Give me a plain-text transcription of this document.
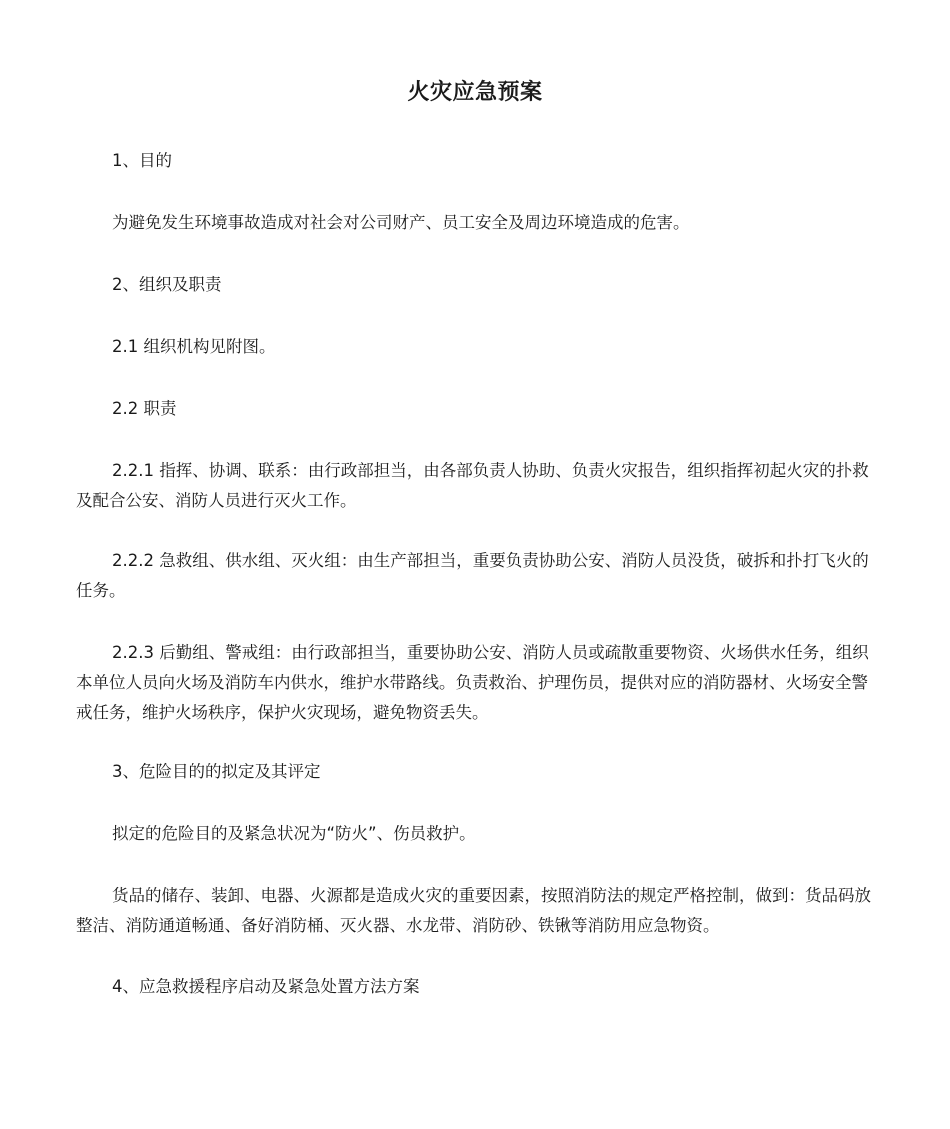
火灾应急预案

1、目的

为避免发生环境事故造成对社会对公司财产、员工安全及周边环境造成的危害。

2、组织及职责

2.1 组织机构见附图。

2.2 职责

2.2.1 指挥、协调、联系：由行政部担当，由各部负责人协助、负责火灾报告，组织指挥初起火灾的扑救及配合公安、消防人员进行灭火工作。

2.2.2 急救组、供水组、灭火组：由生产部担当，重要负责协助公安、消防人员没货，破拆和扑打飞火的任务。

2.2.3 后勤组、警戒组：由行政部担当，重要协助公安、消防人员或疏散重要物资、火场供水任务，组织本单位人员向火场及消防车内供水，维护水带路线。负责救治、护理伤员，提供对应的消防器材、火场安全警戒任务，维护火场秩序，保护火灾现场，避免物资丢失。

3、危险目的的拟定及其评定

拟定的危险目的及紧急状况为“防火”、伤员救护。

货品的储存、装卸、电器、火源都是造成火灾的重要因素，按照消防法的规定严格控制，做到：货品码放整洁、消防通道畅通、备好消防桶、灭火器、水龙带、消防砂、铁锹等消防用应急物资。

4、应急救援程序启动及紧急处置方法方案
